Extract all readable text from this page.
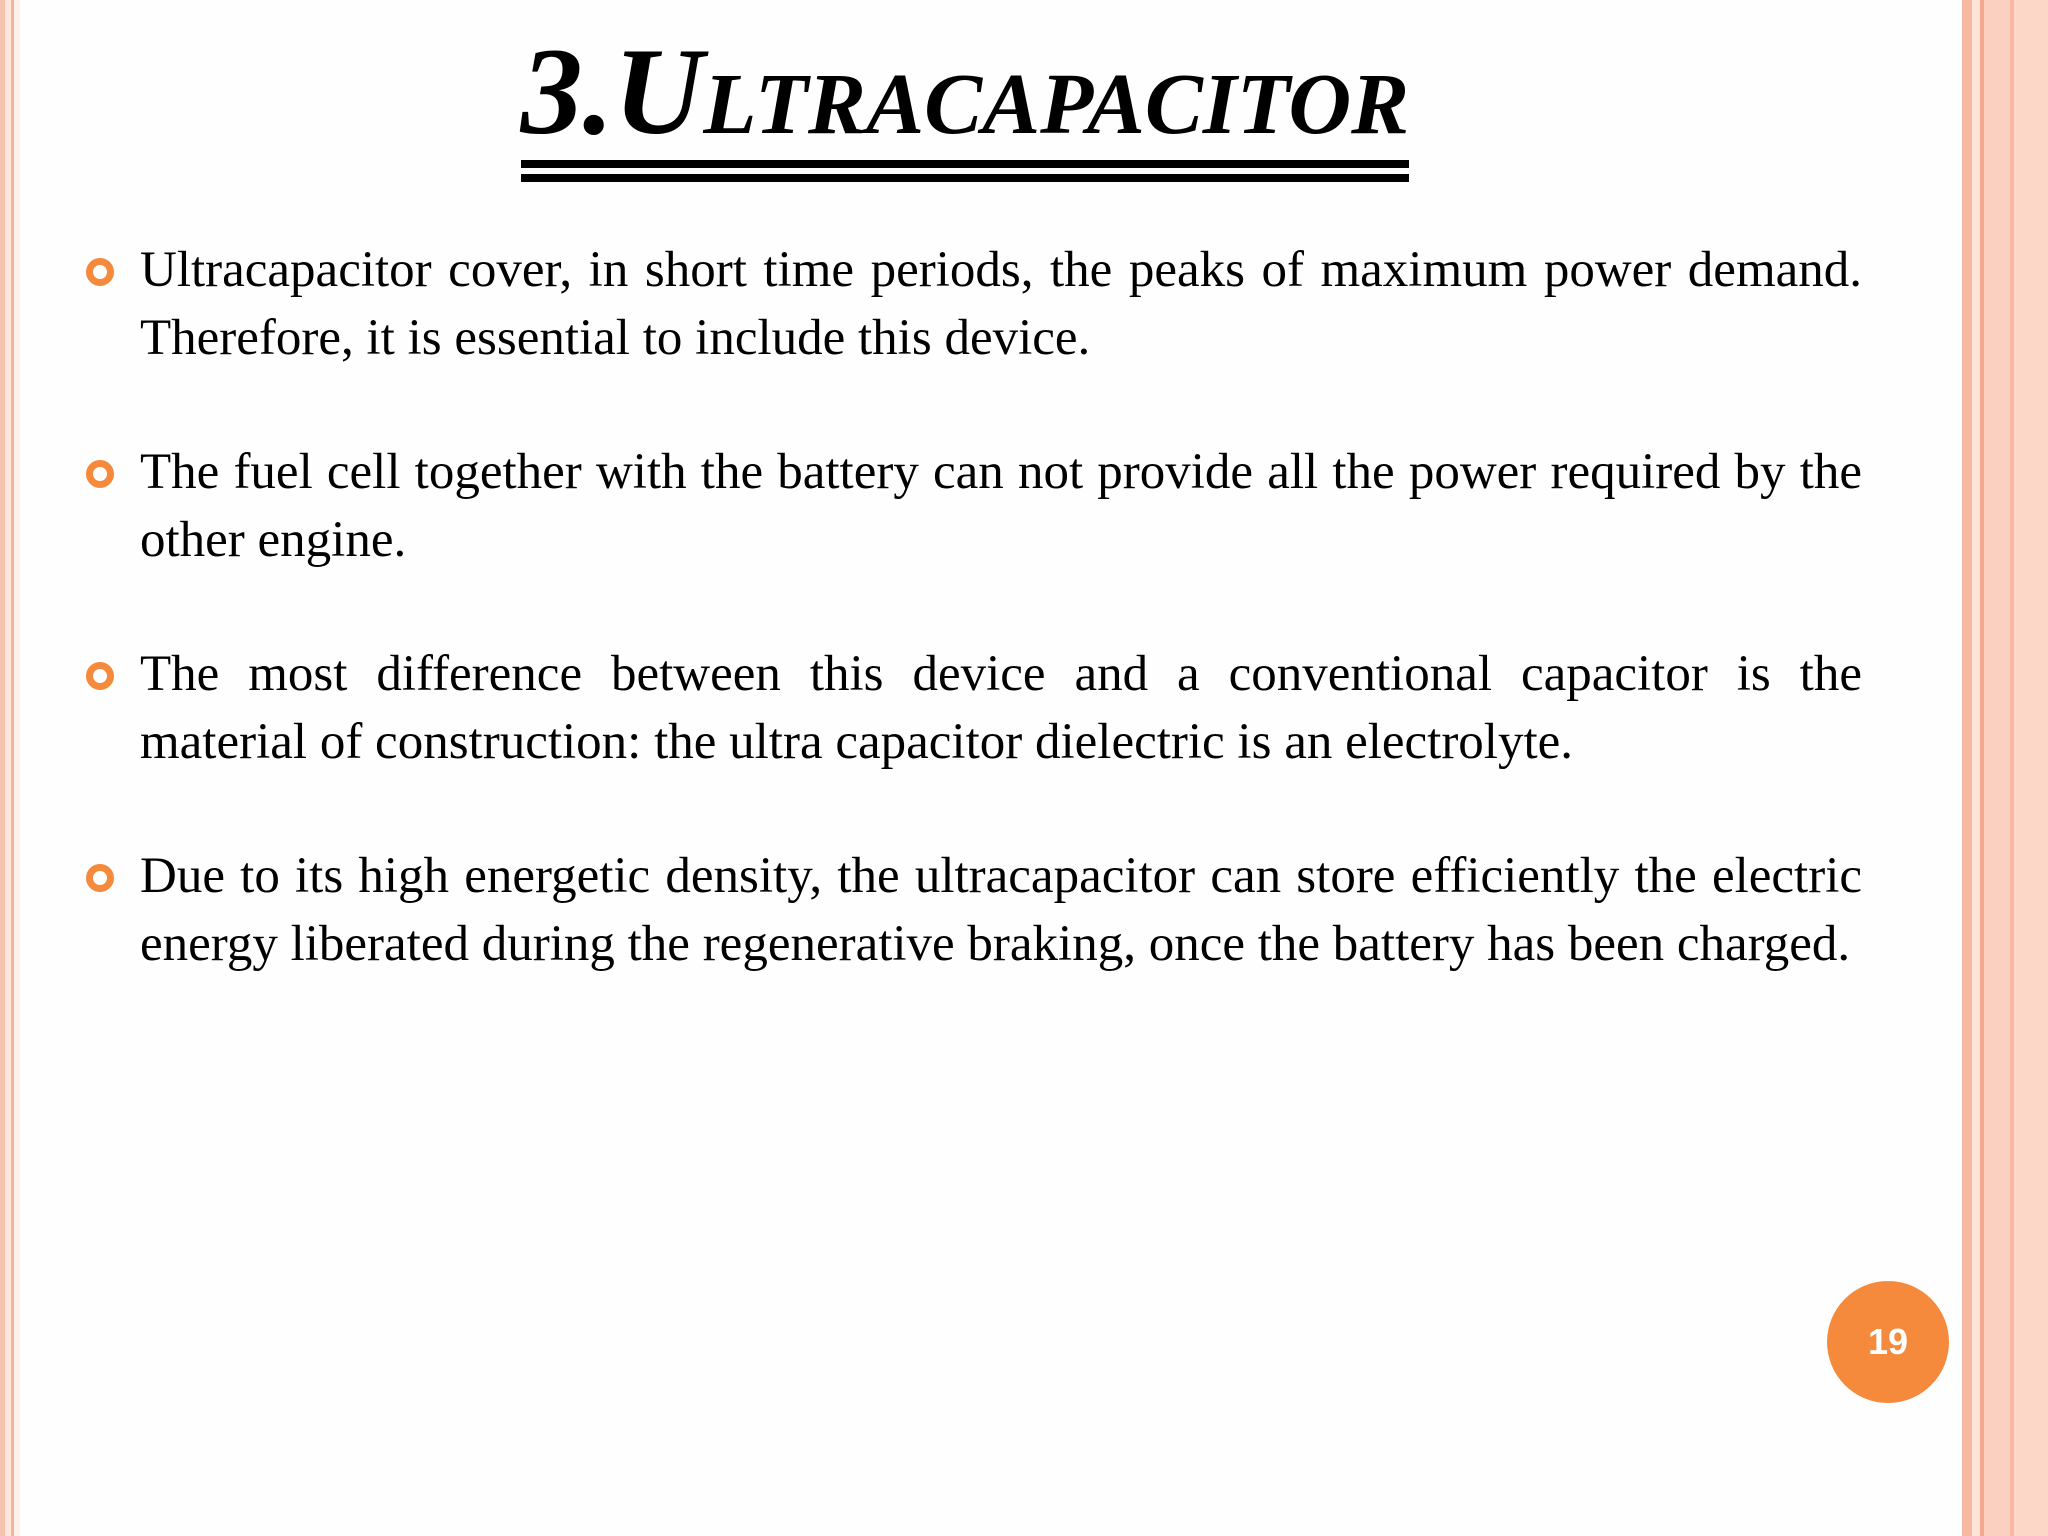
3.Ultracapacitor
Ultracapacitor cover, in short time periods, the peaks of maximum power demand. Therefore, it is essential to include this device.
The fuel cell together with the battery can not provide all the power required by the other engine.
The most difference between this device and a conventional capacitor is the material of construction: the ultra capacitor dielectric is an electrolyte.
Due to its high energetic density, the ultracapacitor can store efficiently the electric energy liberated during the regenerative braking, once the battery has been charged.
19
